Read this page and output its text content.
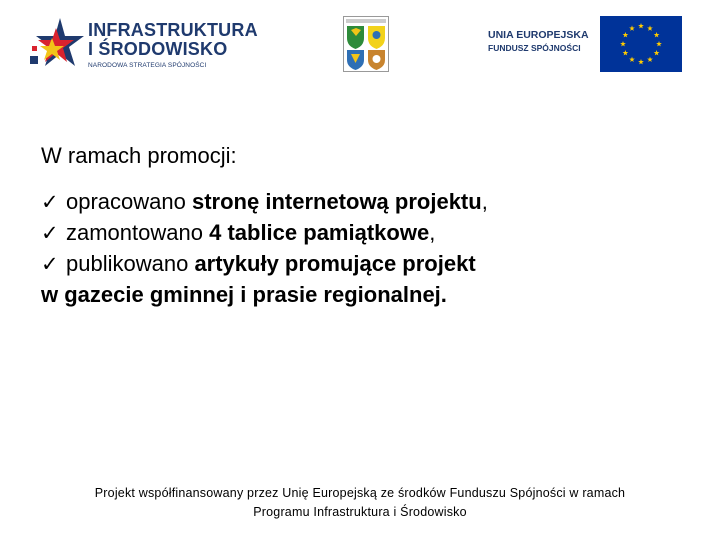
INFRASTRUKTURA
I ŚRODOWISKO
NARODOWA STRATEGIA SPÓJNOŚCI
UNIA EUROPEJSKA
FUNDUSZ SPÓJNOŚCI
W ramach promocji:
✓ opracowano stronę internetową projektu,
✓ zamontowano 4 tablice pamiątkowe,
✓ publikowano artykuły promujące projekt
w gazecie gminnej i prasie regionalnej.
Projekt współfinansowany przez Unię Europejską ze środków Funduszu Spójności w ramach
Programu Infrastruktura i Środowisko
